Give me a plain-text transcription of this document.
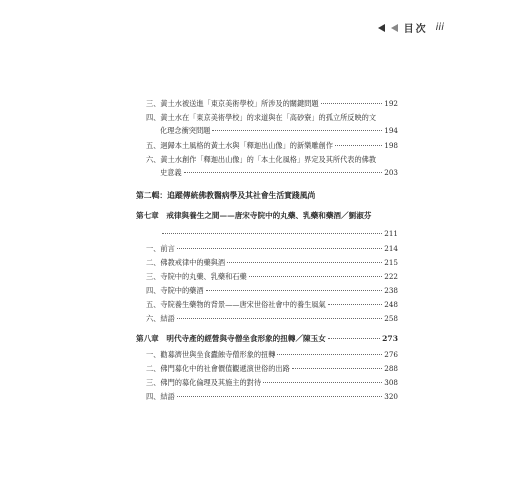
目次 iii
三、黃土水被送進「東京美術學校」所涉及的關鍵問題	192
四、黃土水在「東京美術學校」的求道與在「高砂寮」的孤立所反映的文
化理念衝突問題	194
五、迴歸本土風格的黃土水與「釋迦出山像」的新樂雕創作	198
六、黃土水創作「釋迦出山像」的「本土化風格」界定及其所代表的佛教
史意義	203
第二輯：追蹤傳統佛教醫病學及其社會生活實踐風尚
第七章　戒律與養生之間——唐宋寺院中的丸藥、乳藥和藥酒／劉淑芬
211
一、前言	214
二、佛教戒律中的藥與酒	215
三、寺院中的丸藥、乳藥和石藥	222
四、寺院中的藥酒	238
五、寺院養生藥物的背景——唐宋世俗社會中的養生風氣	248
六、結語	258
第八章　明代寺產的經營與寺僧坐食形象的扭轉／陳玉女	273
一、勸募濟世與坐食蠹蝕寺僧形象的扭轉	276
二、佛門募化中的社會價值觀遞演世俗的出路	288
三、佛門的募化倫理及其施主的對待	308
四、結語	320
